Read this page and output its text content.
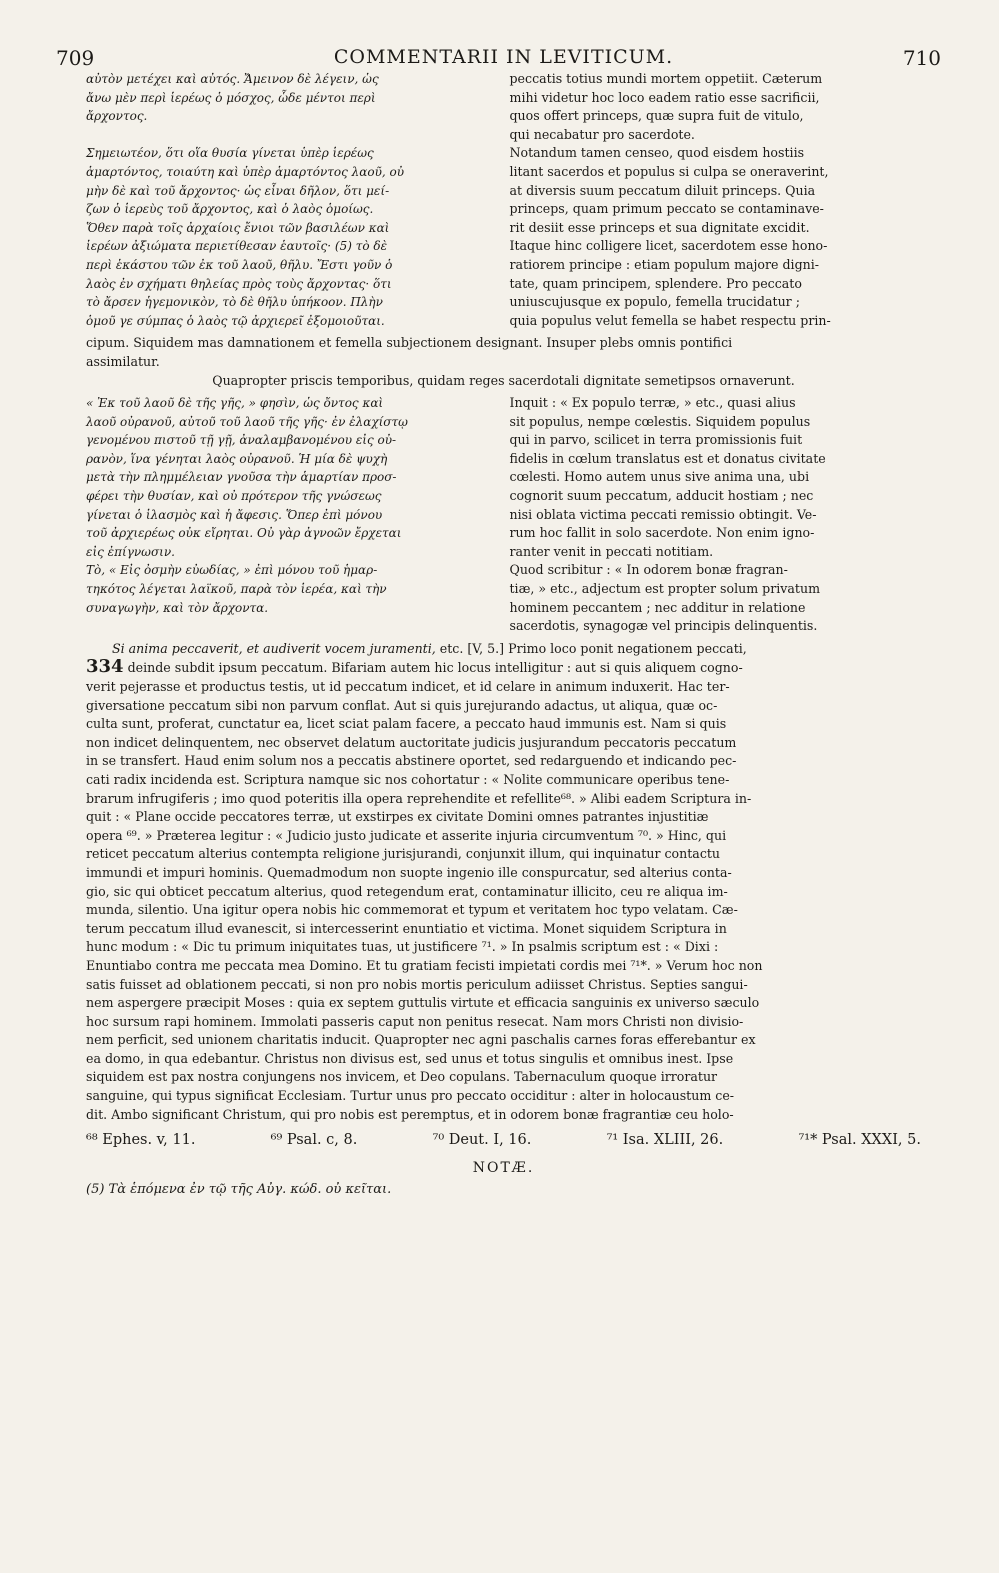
709	COMMENTARII IN LEVITICUM.	710

αὐτὸν μετέχει καὶ αὐτός. Ἄμεινον δὲ λέγειν, ὡς

ἄνω μὲν περὶ ἱερέως ὁ μόσχος, ὧδε μέντοι περὶ

ἄρχοντος.

Σημειωτέον, ὅτι οἵα θυσία γίνεται ὑπὲρ ἱερέως

ἁμαρτόντος, τοιαύτη καὶ ὑπὲρ ἁμαρτόντος λαοῦ, οὐ

μὴν δὲ καὶ τοῦ ἄρχοντος· ὡς εἶναι δῆλον, ὅτι μεί-

ζων ὁ ἱερεὺς τοῦ ἄρχοντος, καὶ ὁ λαὸς ὁμοίως.

Ὅθεν παρὰ τοῖς ἀρχαίοις ἔνιοι τῶν βασιλέων καὶ

ἱερέων ἀξιώματα περιετίθεσαν ἑαυτοῖς· (5) τὸ δὲ

περὶ ἑκάστου τῶν ἐκ τοῦ λαοῦ, θῆλυ. Ἔστι γοῦν ὁ

λαὸς ἐν σχήματι θηλείας πρὸς τοὺς ἄρχοντας· ὅτι

τὸ ἄρσεν ἡγεμονικὸν, τὸ δὲ θῆλυ ὑπήκοον. Πλὴν

ὁμοῦ γε σύμπας ὁ λαὸς τῷ ἀρχιερεῖ ἐξομοιοῦται.

peccatis totius mundi mortem oppetiit. Cæterum

mihi videtur hoc loco eadem ratio esse sacrificii,

quos offert princeps, quæ supra fuit de vitulo,

qui necabatur pro sacerdote.

Notandum tamen censeo, quod eisdem hostiis

litant sacerdos et populus si culpa se oneraverint,

at diversis suum peccatum diluit princeps. Quia

princeps, quam primum peccato se contaminave-

rit desiit esse princeps et sua dignitate excidit.

Itaque hinc colligere licet, sacerdotem esse hono-

ratiorem principe : etiam populum majore digni-

tate, quam principem, splendere. Pro peccato

uniuscujusque ex populo, femella trucidatur ;

quia populus velut femella se habet respectu prin-

cipum. Siquidem mas damnationem et femella subjectionem designant. Insuper plebs omnis pontifici

assimilatur.

Quapropter priscis temporibus, quidam reges sacerdotali dignitate semetipsos ornaverunt.

« Ἐκ τοῦ λαοῦ δὲ τῆς γῆς, » φησὶν, ὡς ὄντος καὶ

λαοῦ οὐρανοῦ, αὐτοῦ τοῦ λαοῦ τῆς γῆς· ἐν ἐλαχίστῳ

γενομένου πιστοῦ τῇ γῇ, ἀναλαμβανομένου εἰς οὐ-

ρανὸν, ἵνα γένηται λαὸς οὐρανοῦ. Ἡ μία δὲ ψυχὴ

μετὰ τὴν πλημμέλειαν γνοῦσα τὴν ἁμαρτίαν προσ-

φέρει τὴν θυσίαν, καὶ οὐ πρότερον τῆς γνώσεως

γίνεται ὁ ἱλασμὸς καὶ ἡ ἄφεσις. Ὅπερ ἐπὶ μόνου

τοῦ ἀρχιερέως οὐκ εἴρηται. Οὐ γὰρ ἀγνοῶν ἔρχεται

εἰς ἐπίγνωσιν.

Τὸ, « Εἰς ὀσμὴν εὐωδίας, » ἐπὶ μόνου τοῦ ἡμαρ-

τηκότος λέγεται λαϊκοῦ, παρὰ τὸν ἱερέα, καὶ τὴν

συναγωγὴν, καὶ τὸν ἄρχοντα.

Inquit : « Ex populo terræ, » etc., quasi alius

sit populus, nempe cœlestis. Siquidem populus

qui in parvo, scilicet in terra promissionis fuit

fidelis in cœlum translatus est et donatus civitate

cœlesti. Homo autem unus sive anima una, ubi

cognorit suum peccatum, adducit hostiam ; nec

nisi oblata victima peccati remissio obtingit. Ve-

rum hoc fallit in solo sacerdote. Non enim igno-

ranter venit in peccati notitiam.

Quod scribitur : « In odorem bonæ fragran-

tiæ, » etc., adjectum est propter solum privatum

hominem peccantem ; nec additur in relatione

sacerdotis, synagogæ vel principis delinquentis.

Si anima peccaverit, et audiverit vocem juramenti, etc. [V, 5.] Primo loco ponit negationem peccati,

334 deinde subdit ipsum peccatum. Bifariam autem hic locus intelligitur : aut si quis aliquem cogno-

verit pejerasse et productus testis, ut id peccatum indicet, et id celare in animum induxerit. Hac ter-

giversatione peccatum sibi non parvum conflat. Aut si quis jurejurando adactus, ut aliqua, quæ oc-

culta sunt, proferat, cunctatur ea, licet sciat palam facere, a peccato haud immunis est. Nam si quis

non indicet delinquentem, nec observet delatum auctoritate judicis jusjurandum peccatoris peccatum

in se transfert. Haud enim solum nos a peccatis abstinere oportet, sed redarguendo et indicando pec-

cati radix incidenda est. Scriptura namque sic nos cohortatur : « Nolite communicare operibus tene-

brarum infrugiferis ; imo quod poteritis illa opera reprehendite et refellite⁶⁸. » Alibi eadem Scriptura in-

quit : « Plane occide peccatores terræ, ut exstirpes ex civitate Domini omnes patrantes injustitiæ

opera ⁶⁹. » Præterea legitur : « Judicio justo judicate et asserite injuria circumventum ⁷⁰. » Hinc, qui

reticet peccatum alterius contempta religione jurisjurandi, conjunxit illum, qui inquinatur contactu

immundi et impuri hominis. Quemadmodum non suopte ingenio ille conspurcatur, sed alterius conta-

gio, sic qui obticet peccatum alterius, quod retegendum erat, contaminatur illicito, ceu re aliqua im-

munda, silentio. Una igitur opera nobis hic commemorat et typum et veritatem hoc typo velatam. Cæ-

terum peccatum illud evanescit, si intercesserint enuntiatio et victima. Monet siquidem Scriptura in

hunc modum : « Dic tu primum iniquitates tuas, ut justificere ⁷¹. » In psalmis scriptum est : « Dixi :

Enuntiabo contra me peccata mea Domino. Et tu gratiam fecisti impietati cordis mei ⁷¹*. » Verum hoc non

satis fuisset ad oblationem peccati, si non pro nobis mortis periculum adiisset Christus. Septies sangui-

nem aspergere præcipit Moses : quia ex septem guttulis virtute et efficacia sanguinis ex universo sæculo

hoc sursum rapi hominem. Immolati passeris caput non penitus resecat. Nam mors Christi non divisio-

nem perficit, sed unionem charitatis inducit. Quapropter nec agni paschalis carnes foras efferebantur ex

ea domo, in qua edebantur. Christus non divisus est, sed unus et totus singulis et omnibus inest. Ipse

siquidem est pax nostra conjungens nos invicem, et Deo copulans. Tabernaculum quoque irroratur

sanguine, qui typus significat Ecclesiam. Turtur unus pro peccato occiditur : alter in holocaustum ce-

dit. Ambo significant Christum, qui pro nobis est peremptus, et in odorem bonæ fragrantiæ ceu holo-

⁶⁸ Ephes. v, 11.	⁶⁹ Psal. c, 8.	⁷⁰ Deut. I, 16.	⁷¹ Isa. XLIII, 26.	⁷¹* Psal. XXXI, 5.
NOTÆ.
(5) Τὰ ἑπόμενα ἐν τῷ τῆς Αὐγ. κώδ. οὐ κεῖται.
